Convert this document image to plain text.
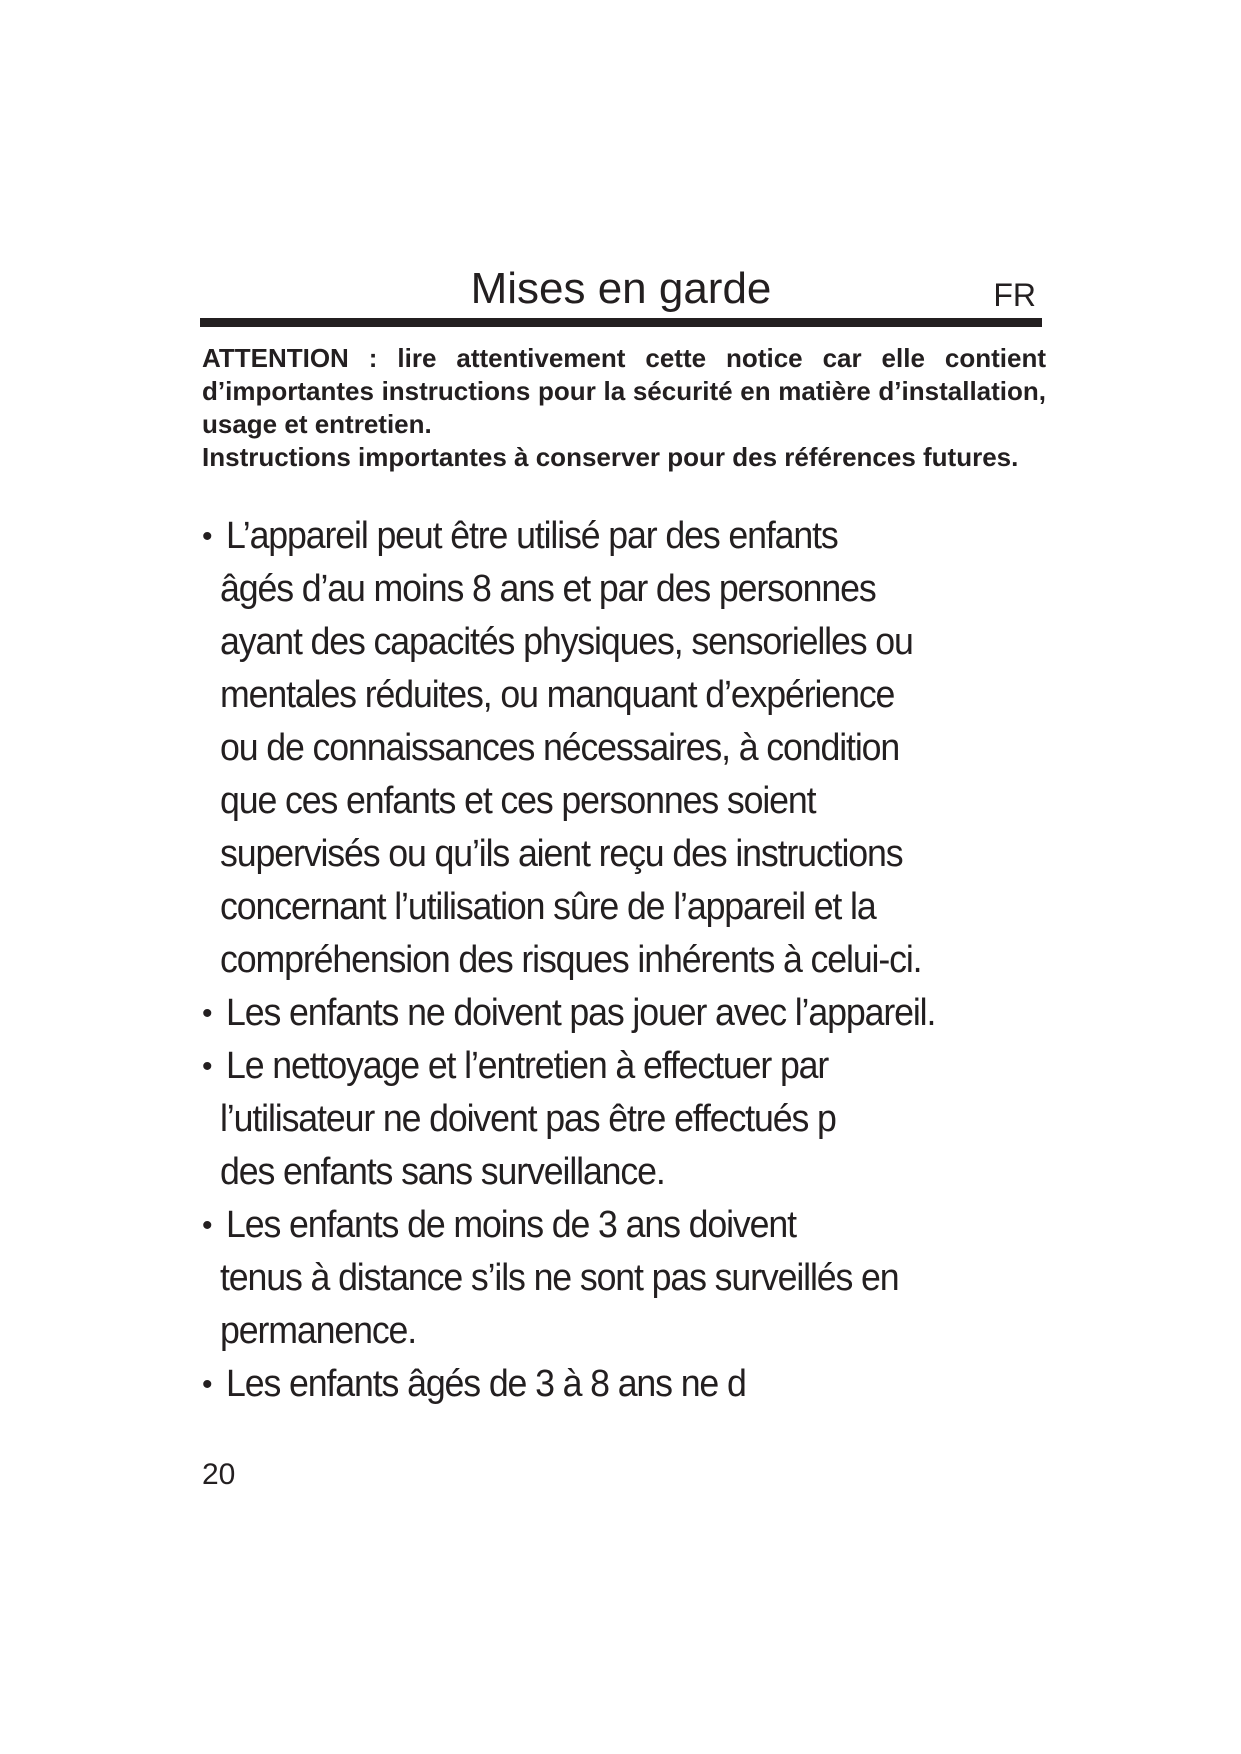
Mises en garde	FR

ATTENTION : lire attentivement cette notice car elle contient d’importantes instructions pour la sécurité en matière d’installation, usage et entretien.

Instructions importantes à conserver pour des références futures.

• L’appareil peut être utilisé par des enfants
âgés d’au moins 8 ans et par des personnes
ayant des capacités physiques, sensorielles ou
mentales réduites, ou manquant d’expérience
ou de connaissances nécessaires, à condition
que ces enfants et ces personnes soient
supervisés ou qu’ils aient reçu des instructions
concernant l’utilisation sûre de l’appareil et la
compréhension des risques inhérents à celui-ci.
• Les enfants ne doivent pas jouer avec l’appareil.
• Le nettoyage et l’entretien à effectuer par
l’utilisateur ne doivent pas être effectués p
des enfants sans surveillance.
• Les enfants de moins de 3 ans doivent
tenus à distance s’ils ne sont pas surveillés en
permanence.
• Les enfants âgés de 3 à 8 ans ne d
20
